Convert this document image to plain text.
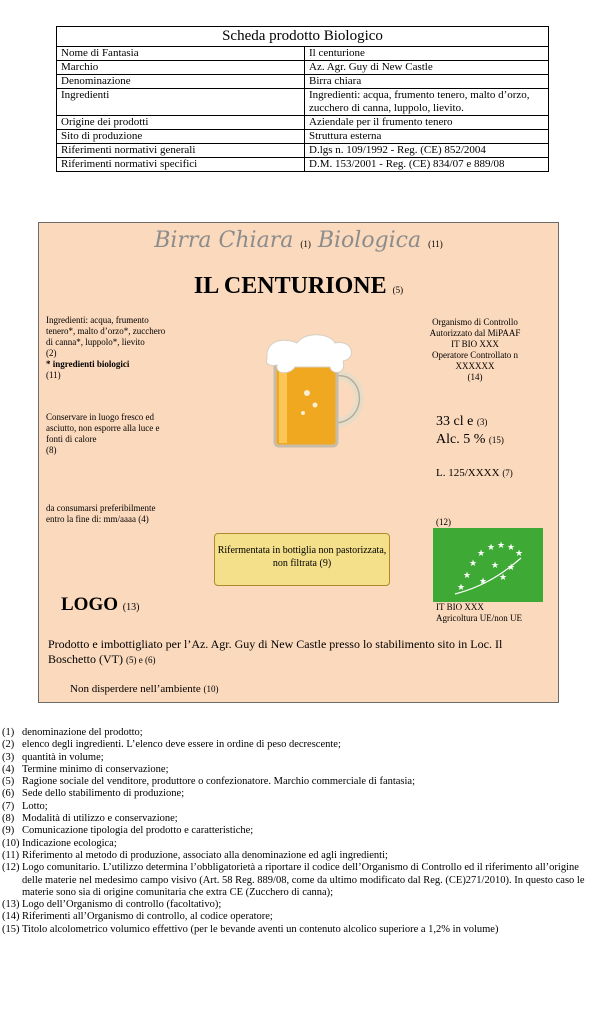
Scheda prodotto Biologico	
Nome di Fantasia	Il centurione
Marchio	Az. Agr. Guy di New Castle
Denominazione	Birra chiara
Ingredienti	Ingredienti: acqua, frumento tenero, malto d’orzo, zucchero di canna, luppolo, lievito.
Origine dei prodotti	Aziendale per il frumento tenero
Sito di produzione	Struttura esterna
Riferimenti normativi generali	D.lgs n. 109/1992 - Reg. (CE) 852/2004
Riferimenti normativi specifici	D.M. 153/2001 - Reg. (CE) 834/07 e 889/08
Birra Chiara (1) Biologica (11)
IL CENTURIONE (5)
Ingredienti: acqua, frumento tenero*, malto d’orzo*, zucchero di canna*, luppolo*, lievito
(2)
* ingredienti biologici
(11)
Conservare in luogo fresco ed asciutto, non esporre alla luce e fonti di calore
(8)
da consumarsi preferibilmente entro la fine di: mm/aaaa (4)
Organismo di Controllo
Autorizzato dal MiPAAF
IT BIO XXX
Operatore Controllato n
XXXXXX
(14)
33 cl e (3)
Alc. 5 % (15)
L. 125/XXXX (7)
(12)
★
★
★
★
★ ★ ★
★
★
★
★
★
IT BIO XXX
Agricoltura UE/non UE
Rifermentata in bottiglia non pastorizzata, non filtrata (9)
LOGO (13)
Prodotto e imbottigliato per l’Az. Agr. Guy di New Castle presso lo stabilimento sito in Loc. Il Boschetto (VT) (5) e (6)
Non disperdere nell’ambiente (10)
(1) denominazione del prodotto;
(2) elenco degli ingredienti. L’elenco deve essere in ordine di peso decrescente;
(3) quantità in volume;
(4) Termine minimo di conservazione;
(5) Ragione sociale del venditore, produttore o confezionatore. Marchio commerciale di fantasia;
(6) Sede dello stabilimento di produzione;
(7) Lotto;
(8) Modalità di utilizzo e conservazione;
(9) Comunicazione tipologia del prodotto e caratteristiche;
(10) Indicazione ecologica;
(11) Riferimento al metodo di produzione, associato alla denominazione ed agli ingredienti;
(12) Logo comunitario. L’utilizzo determina l’obbligatorietà a riportare il codice dell’Organismo di Controllo ed il riferimento all’origine delle materie nel medesimo campo visivo (Art. 58 Reg. 889/08, come da ultimo modificato dal Reg. (CE)271/2010). In questo caso le materie sono sia di origine comunitaria che extra CE (Zucchero di canna);
(13) Logo dell’Organismo di controllo (facoltativo);
(14) Riferimenti all’Organismo di controllo, al codice operatore;
(15) Titolo alcolometrico volumico effettivo (per le bevande aventi un contenuto alcolico superiore a 1,2% in volume)
